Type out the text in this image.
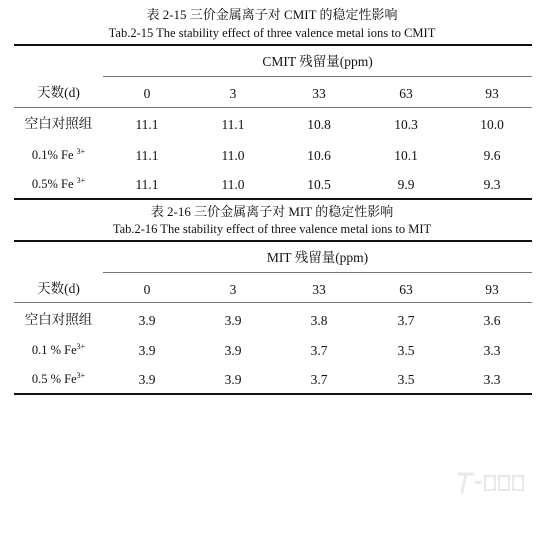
表 2-15 三价金属离子对 CMIT 的稳定性影响
Tab.2-15 The stability effect of three valence metal ions to CMIT
CMIT 残留量(ppm)
天数(d)	0	3	33	63	93
空白对照组	11.1	11.1	10.8	10.3	10.0
0.1% Fe $^{3+}$	11.1	11.0	10.6	10.1	9.6
0.5% Fe $^{3+}$	11.1	11.0	10.5	9.9	9.3
表 2-16 三价金属离子对 MIT 的稳定性影响
Tab.2-16 The stability effect of three valence metal ions to MIT
MIT 残留量(ppm)
天数(d)	0	3	33	63	93
空白对照组	3.9	3.9	3.8	3.7	3.6
0.1 % $Fe^{3+}$	3.9	3.9	3.7	3.5	3.3
0.5 % $Fe^{3+}$	3.9	3.9	3.7	3.5	3.3
